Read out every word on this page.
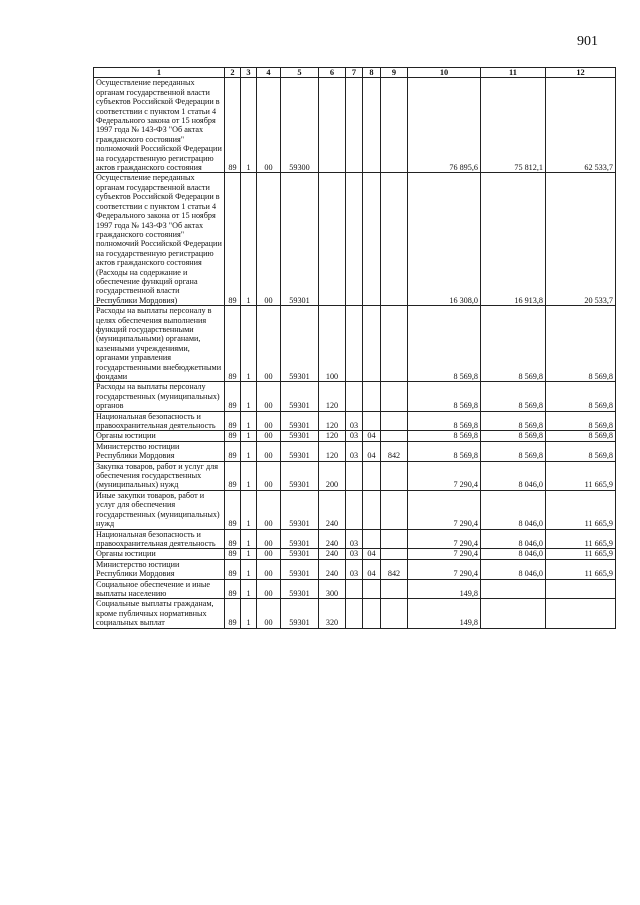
901
1	2	3	4	5	6	7	8	9	10	11	12
Осуществление переданных органам государственной власти субъектов Российской Федерации в соответствии с пунктом 1 статьи 4 Федерального закона от 15 ноября 1997 года № 143-ФЗ "Об актах гражданского состояния" полномочий Российской Федерации на государственную регистрацию актов гражданского состояния	89	1	00	59300					76 895,6	75 812,1	62 533,7
Осуществление переданных органам государственной власти субъектов Российской Федерации в соответствии с пунктом 1 статьи 4 Федерального закона от 15 ноября 1997 года № 143-ФЗ "Об актах гражданского состояния" полномочий Российской Федерации на государственную регистрацию актов гражданского состояния (Расходы на содержание и обеспечение функций органа государственной власти Республики Мордовия)	89	1	00	59301					16 308,0	16 913,8	20 533,7
Расходы на выплаты персоналу в целях обеспечения выполнения функций государственными (муниципальными) органами, казенными учреждениями, органами управления государственными внебюджетными фондами	89	1	00	59301	100				8 569,8	8 569,8	8 569,8
Расходы на выплаты персоналу государственных (муниципальных) органов	89	1	00	59301	120				8 569,8	8 569,8	8 569,8
Национальная безопасность и правоохранительная деятельность	89	1	00	59301	120	03			8 569,8	8 569,8	8 569,8
Органы юстиции	89	1	00	59301	120	03	04		8 569,8	8 569,8	8 569,8
Министерство юстиции Республики Мордовия	89	1	00	59301	120	03	04	842	8 569,8	8 569,8	8 569,8
Закупка товаров, работ и услуг для обеспечения государственных (муниципальных) нужд	89	1	00	59301	200				7 290,4	8 046,0	11 665,9
Иные закупки товаров, работ и услуг для обеспечения государственных (муниципальных) нужд	89	1	00	59301	240				7 290,4	8 046,0	11 665,9
Национальная безопасность и правоохранительная деятельность	89	1	00	59301	240	03			7 290,4	8 046,0	11 665,9
Органы юстиции	89	1	00	59301	240	03	04		7 290,4	8 046,0	11 665,9
Министерство юстиции Республики Мордовия	89	1	00	59301	240	03	04	842	7 290,4	8 046,0	11 665,9
Социальное обеспечение и иные выплаты населению	89	1	00	59301	300				149,8		
Социальные выплаты гражданам, кроме публичных нормативных социальных выплат	89	1	00	59301	320				149,8		
